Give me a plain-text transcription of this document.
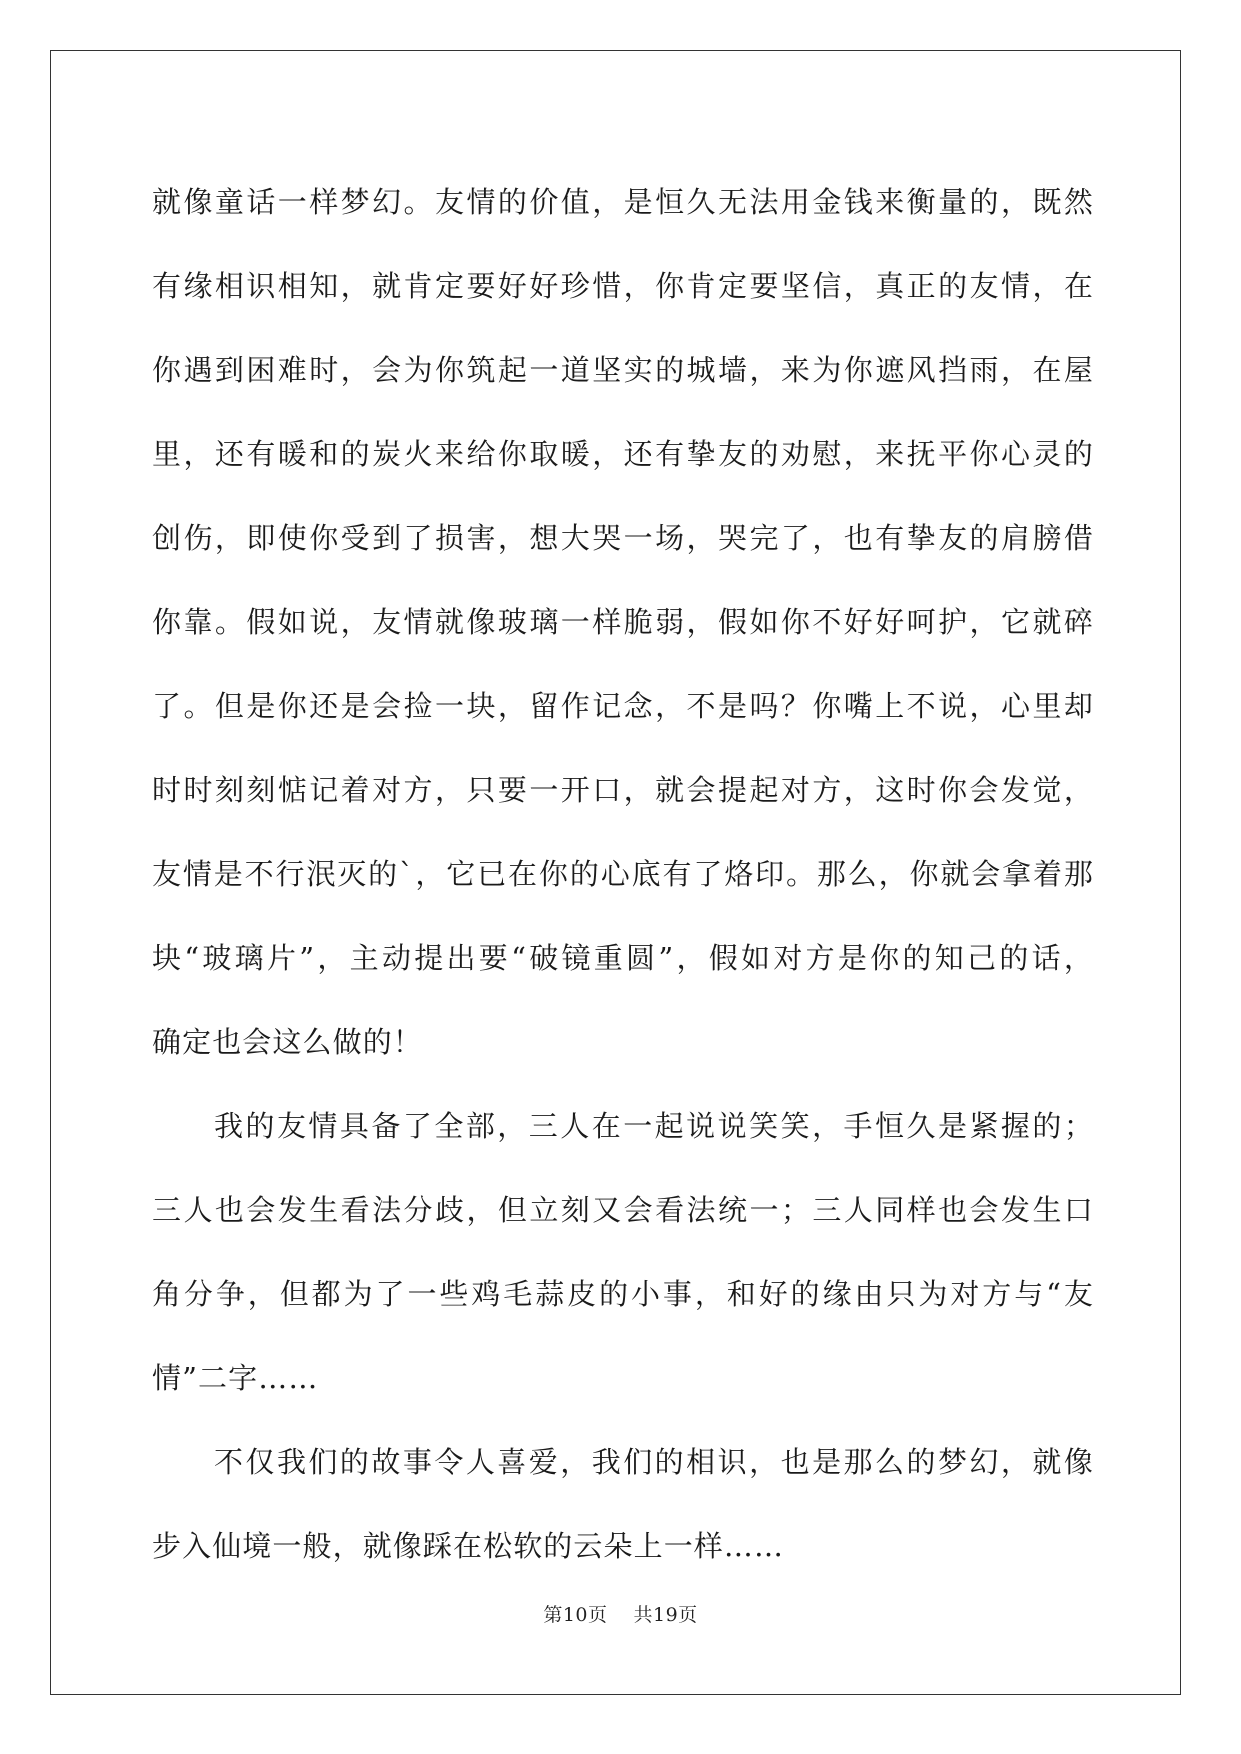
就像童话一样梦幻。友情的价值，是恒久无法用金钱来衡量的，既然
有缘相识相知，就肯定要好好珍惜，你肯定要坚信，真正的友情，在
你遇到困难时，会为你筑起一道坚实的城墙，来为你遮风挡雨，在屋
里，还有暖和的炭火来给你取暖，还有挚友的劝慰，来抚平你心灵的
创伤，即使你受到了损害，想大哭一场，哭完了，也有挚友的肩膀借
你靠。假如说，友情就像玻璃一样脆弱，假如你不好好呵护，它就碎
了。但是你还是会捡一块，留作记念，不是吗？你嘴上不说，心里却
时时刻刻惦记着对方，只要一开口，就会提起对方，这时你会发觉，
友情是不行泯灭的`，它已在你的心底有了烙印。那么，你就会拿着那
块“玻璃片”，主动提出要“破镜重圆”，假如对方是你的知己的话，
确定也会这么做的！
我的友情具备了全部，三人在一起说说笑笑，手恒久是紧握的；
三人也会发生看法分歧，但立刻又会看法统一；三人同样也会发生口
角分争，但都为了一些鸡毛蒜皮的小事，和好的缘由只为对方与“友
情”二字……
不仅我们的故事令人喜爱，我们的相识，也是那么的梦幻，就像
步入仙境一般，就像踩在松软的云朵上一样……
第10页 共19页
